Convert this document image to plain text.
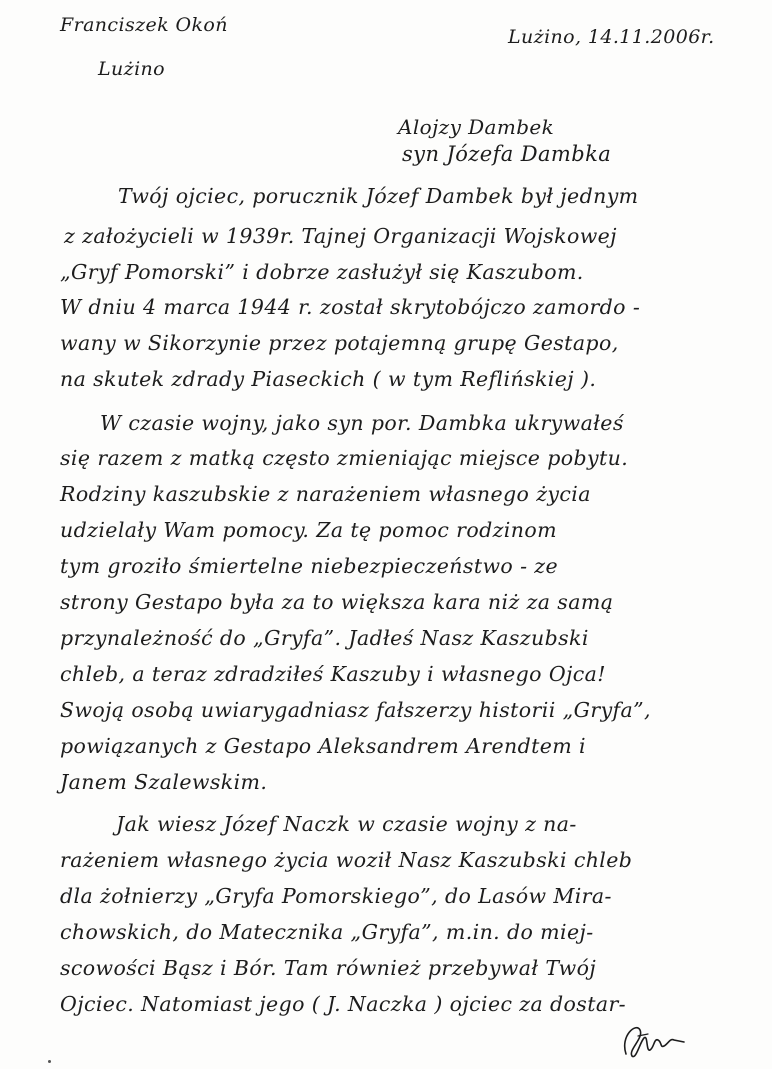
Franciszek Okoń
Lużino
Lużino, 14.11.2006r.
Alojzy Dambek
syn Józefa Dambka
Twój ojciec, porucznik Józef Dambek był jednym
z założycieli w 1939r. Tajnej Organizacji Wojskowej
„Gryf Pomorski” i dobrze zasłużył się Kaszubom.
W dniu 4 marca 1944 r. został skrytobójczo zamordo -
wany w Sikorzynie przez potajemną grupę Gestapo,
na skutek zdrady Piaseckich ( w tym Reflińskiej ).
W czasie wojny, jako syn por. Dambka ukrywałeś
się razem z matką często zmieniając miejsce pobytu.
Rodziny kaszubskie z narażeniem własnego życia
udzielały Wam pomocy. Za tę pomoc rodzinom
tym groziło śmiertelne niebezpieczeństwo - ze
strony Gestapo była za to większa kara niż za samą
przynależność do „Gryfa”. Jadłeś Nasz Kaszubski
chleb, a teraz zdradziłeś Kaszuby i własnego Ojca!
Swoją osobą uwiarygadniasz fałszerzy historii „Gryfa”,
powiązanych z Gestapo Aleksandrem Arendtem i
Janem Szalewskim.
Jak wiesz Józef Naczk w czasie wojny z na-
rażeniem własnego życia woził Nasz Kaszubski chleb
dla żołnierzy „Gryfa Pomorskiego”, do Lasów Mira-
chowskich, do Matecznika „Gryfa”, m.in. do miej-
scowości Bąsz i Bór. Tam również przebywał Twój
Ojciec. Natomiast jego ( J. Naczka ) ojciec za dostar-
